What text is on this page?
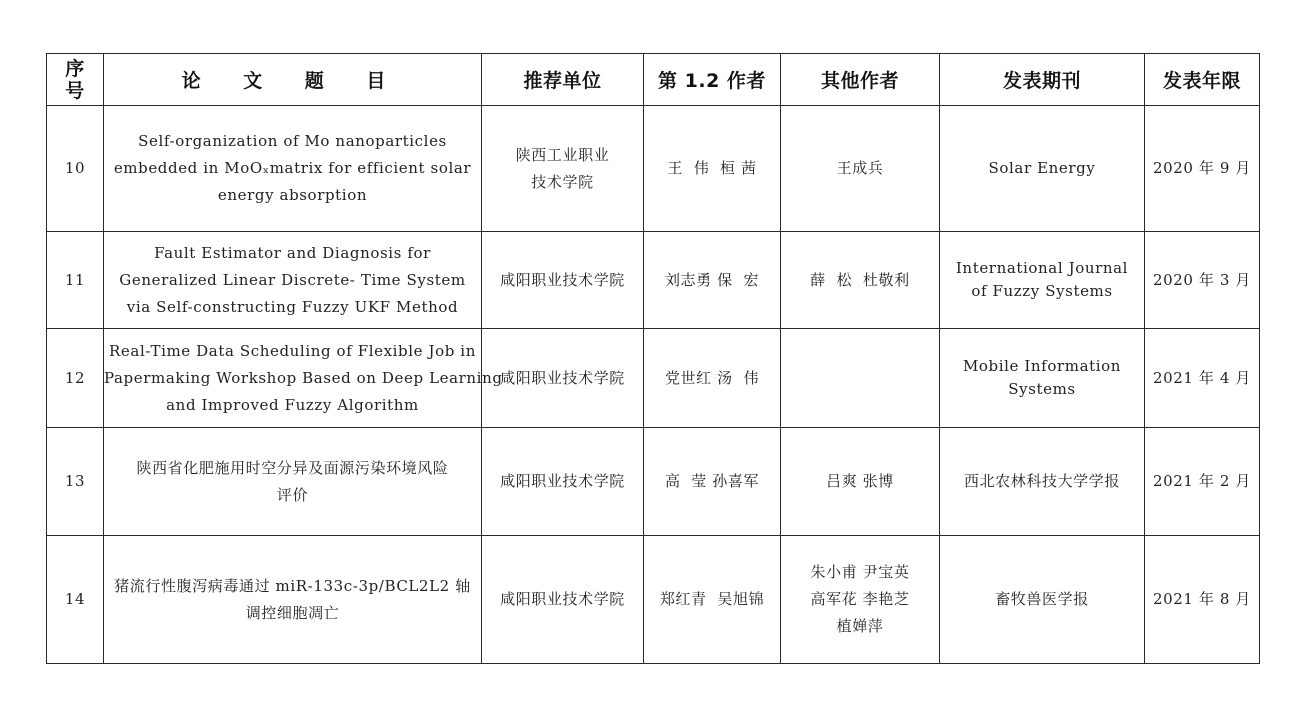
序号	论 文 题 目	推荐单位	第 1.2 作者	其他作者	发表期刊	发表年限
10	Self-organization of Mo nanoparticles
embedded in MoOₓmatrix for efficient solar
energy absorption	陕西工业职业
技术学院	王  伟  桓 茜	王成兵	Solar Energy	2020 年 9 月
11	Fault Estimator and Diagnosis for
Generalized Linear Discrete- Time System
via Self-constructing Fuzzy UKF Method	咸阳职业技术学院	刘志勇 保  宏	薛  松  杜敬利	International Journal
of Fuzzy Systems	2020 年 3 月
12	Real-Time Data Scheduling of Flexible Job in
Papermaking Workshop Based on Deep Learning
and Improved Fuzzy Algorithm	咸阳职业技术学院	党世红 汤  伟		Mobile Information
Systems	2021 年 4 月
13	陕西省化肥施用时空分异及面源污染环境风险
评价	咸阳职业技术学院	高  莹 孙喜军	吕爽 张博	西北农林科技大学学报	2021 年 2 月
14	猪流行性腹泻病毒通过 miR-133c-3p/BCL2L2 轴
调控细胞凋亡	咸阳职业技术学院	郑红青  吴旭锦	朱小甫 尹宝英
高军花 李艳芝
植婵萍	畜牧兽医学报	2021 年 8 月
